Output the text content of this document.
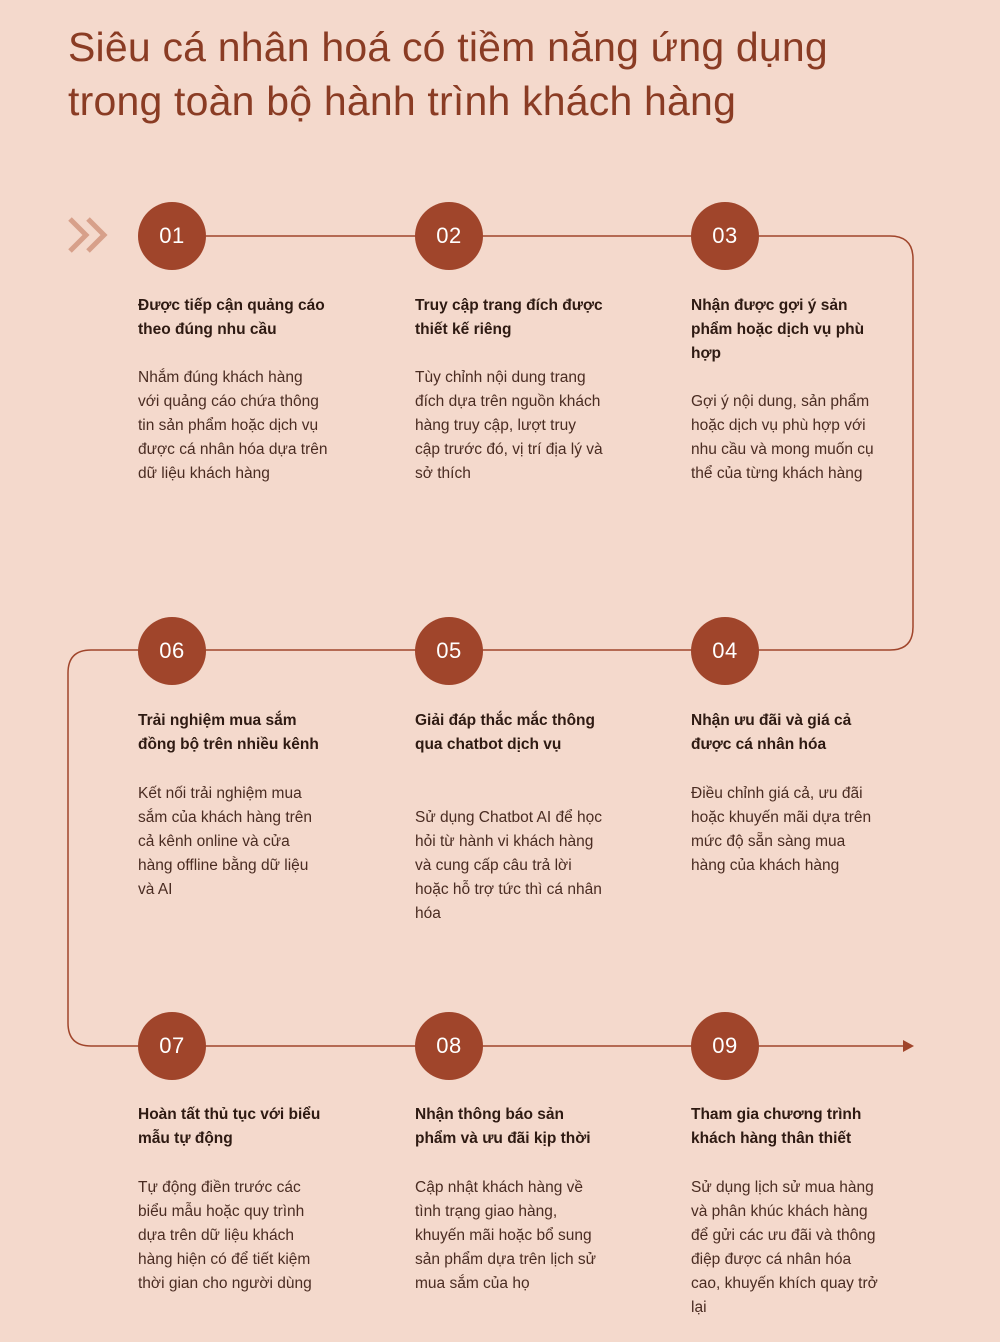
Siêu cá nhân hoá có tiềm năng ứng dụng
trong toàn bộ hành trình khách hàng
01
Được tiếp cận quảng cáo theo đúng nhu cầu
Nhắm đúng khách hàng với quảng cáo chứa thông tin sản phẩm hoặc dịch vụ được cá nhân hóa dựa trên dữ liệu khách hàng
02
Truy cập trang đích được thiết kế riêng
Tùy chỉnh nội dung trang đích dựa trên nguồn khách hàng truy cập, lượt truy cập trước đó, vị trí địa lý và sở thích
03
Nhận được gợi ý sản phẩm hoặc dịch vụ phù hợp
Gợi ý nội dung, sản phẩm hoặc dịch vụ phù hợp với nhu cầu và mong muốn cụ thể của từng khách hàng
06
Trải nghiệm mua sắm đồng bộ trên nhiều kênh
Kết nối trải nghiệm mua sắm của khách hàng trên cả kênh online và cửa hàng offline bằng dữ liệu và AI
05
Giải đáp thắc mắc thông qua chatbot dịch vụ
Sử dụng Chatbot AI để học hỏi từ hành vi khách hàng và cung cấp câu trả lời hoặc hỗ trợ tức thì cá nhân hóa
04
Nhận ưu đãi và giá cả được cá nhân hóa
Điều chỉnh giá cả, ưu đãi hoặc khuyến mãi dựa trên mức độ sẵn sàng mua hàng của khách hàng
07
Hoàn tất thủ tục với biểu mẫu tự động
Tự động điền trước các biểu mẫu hoặc quy trình dựa trên dữ liệu khách hàng hiện có để tiết kiệm thời gian cho người dùng
08
Nhận thông báo sản phẩm và ưu đãi kịp thời
Cập nhật khách hàng về tình trạng giao hàng, khuyến mãi hoặc bổ sung sản phẩm dựa trên lịch sử mua sắm của họ
09
Tham gia chương trình khách hàng thân thiết
Sử dụng lịch sử mua hàng và phân khúc khách hàng để gửi các ưu đãi và thông điệp được cá nhân hóa cao, khuyến khích quay trở lại
